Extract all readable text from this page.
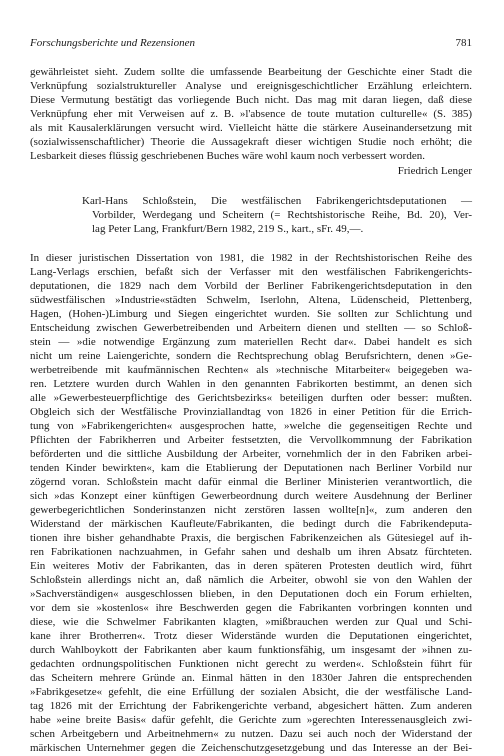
Forschungsberichte und Rezensionen	781
gewährleistet sieht. Zudem sollte die umfassende Bearbeitung der Geschichte einer Stadt die
Verknüpfung sozialstruktureller Analyse und ereignisgeschichtlicher Erzählung erleichtern.
Diese Vermutung bestätigt das vorliegende Buch nicht. Das mag mit daran liegen, daß diese
Verknüpfung eher mit Verweisen auf z. B. »l'absence de toute mutation culturelle« (S. 385)
als mit Kausalerklärungen versucht wird. Vielleicht hätte die stärkere Auseinandersetzung mit
(sozialwissenschaftlicher) Theorie die Aussagekraft dieser wichtigen Studie noch erhöht; die
Lesbarkeit dieses flüssig geschriebenen Buches wäre wohl kaum noch verbessert worden.
Friedrich Lenger
Karl-Hans Schloßstein, Die westfälischen Fabrikengerichtsdeputationen —
Vorbilder, Werdegang und Scheitern (= Rechtshistorische Reihe, Bd. 20), Ver-
lag Peter Lang, Frankfurt/Bern 1982, 219 S., kart., sFr. 49,—.
In dieser juristischen Dissertation von 1981, die 1982 in der Rechtshistorischen Reihe des
Lang-Verlags erschien, befaßt sich der Verfasser mit den westfälischen Fabrikengerichts-
deputationen, die 1829 nach dem Vorbild der Berliner Fabrikengerichtsdeputation in den
südwestfälischen »Industrie«städten Schwelm, Iserlohn, Altena, Lüdenscheid, Plettenberg,
Hagen, (Hohen-)Limburg und Siegen eingerichtet wurden. Sie sollten zur Schlichtung und
Entscheidung zwischen Gewerbetreibenden und Arbeitern dienen und stellten — so Schloß-
stein — »die notwendige Ergänzung zum materiellen Recht dar«. Dabei handelt es sich
nicht um reine Laiengerichte, sondern die Rechtsprechung oblag Berufsrichtern, denen »Ge-
werbetreibende mit kaufmännischen Rechten« als »technische Mitarbeiter« beigegeben wa-
ren. Letztere wurden durch Wahlen in den genannten Fabrikorten bestimmt, an denen sich
alle »Gewerbesteuerpflichtige des Gerichtsbezirks« beteiligen durften oder besser: mußten.
Obgleich sich der Westfälische Provinziallandtag von 1826 in einer Petition für die Errich-
tung von »Fabrikengerichten« ausgesprochen hatte, »welche die gegenseitigen Rechte und
Pflichten der Fabrikherren und Arbeiter festsetzten, die Vervollkommnung der Fabrikation
beförderten und die sittliche Ausbildung der Arbeiter, vornehmlich der in den Fabriken arbei-
tenden Kinder bewirkten«, kam die Etablierung der Deputationen nach Berliner Vorbild nur
zögernd voran. Schloßstein macht dafür einmal die Berliner Ministerien verantwortlich, die
sich »das Konzept einer künftigen Gewerbeordnung durch weitere Ausdehnung der Berliner
gewerbegerichtlichen Sonderinstanzen nicht zerstören lassen wollte[n]«, zum anderen den
Widerstand der märkischen Kaufleute/Fabrikanten, die bedingt durch die Fabrikendeputa-
tionen ihre bisher gehandhabte Praxis, die bergischen Fabrikenzeichen als Gütesiegel auf ih-
ren Fabrikationen nachzuahmen, in Gefahr sahen und deshalb um ihren Absatz fürchteten.
Ein weiteres Motiv der Fabrikanten, das in deren späteren Protesten deutlich wird, führt
Schloßstein allerdings nicht an, daß nämlich die Arbeiter, obwohl sie von den Wahlen der
»Sachverständigen« ausgeschlossen blieben, in den Deputationen doch ein Forum erhielten,
vor dem sie »kostenlos« ihre Beschwerden gegen die Fabrikanten vorbringen konnten und
diese, wie die Schwelmer Fabrikanten klagten, »mißbrauchen werden zur Qual und Schi-
kane ihrer Brotherren«. Trotz dieser Widerstände wurden die Deputationen eingerichtet,
durch Wahlboykott der Fabrikanten aber kaum funktionsfähig, um insgesamt der »ihnen zu-
gedachten ordnungspolitischen Funktionen nicht gerecht zu werden«. Schloßstein führt für
das Scheitern mehrere Gründe an. Einmal hätten in den 1830er Jahren die entsprechenden
»Fabrikgesetze« gefehlt, die eine Erfüllung der sozialen Absicht, die der westfälische Land-
tag 1826 mit der Errichtung der Fabrikengerichte verband, abgesichert hätten. Zum anderen
habe »eine breite Basis« dafür gefehlt, die Gerichte zum »gerechten Interessenausgleich zwi-
schen Arbeitgebern und Arbeitnehmern« zu nutzen. Dazu sei auch noch der Widerstand der
märkischen Unternehmer gegen die Zeichenschutzgesetzgebung und das Interesse an der Bei-
